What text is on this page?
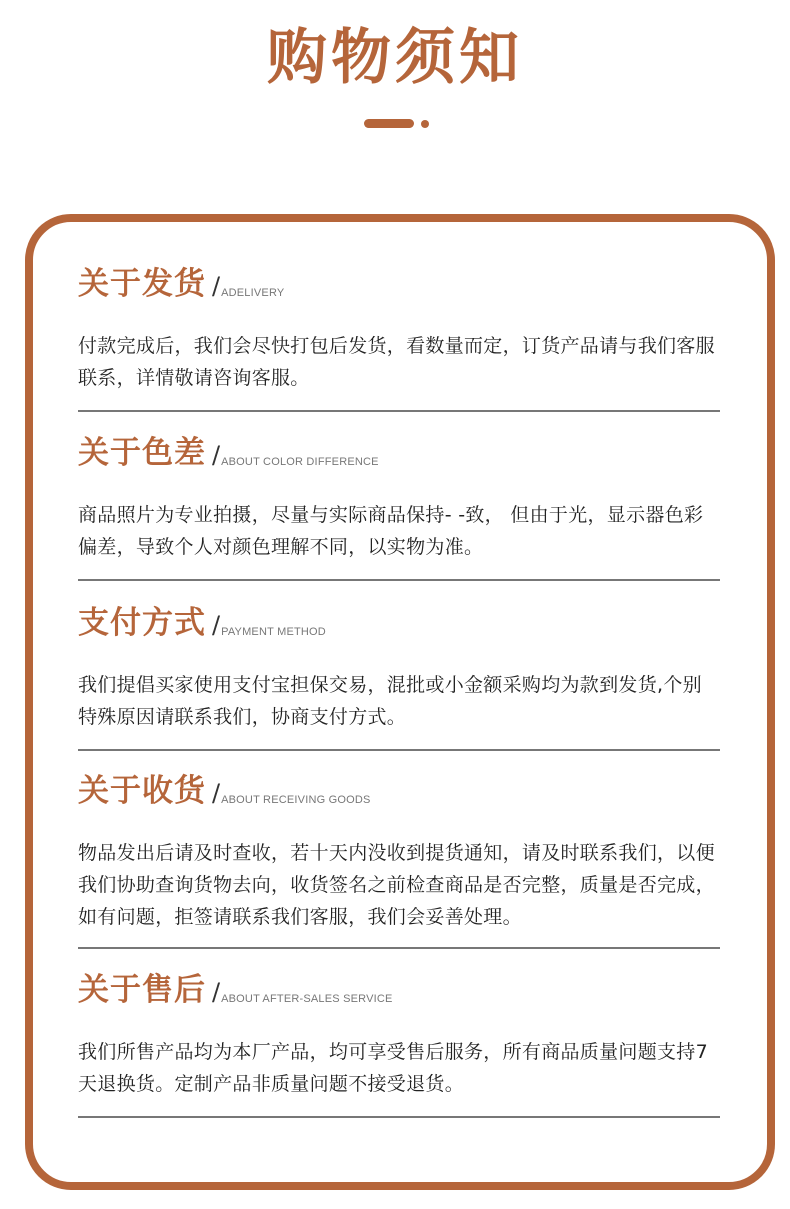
购物须知
关于发货 /ADELIVERY
付款完成后，我们会尽快打包后发货，看数量而定，订货产品请与我们客服联系，详情敬请咨询客服。
关于色差 /ABOUT COLOR DIFFERENCE
商品照片为专业拍摄，尽量与实际商品保持- -致， 但由于光，显示器色彩偏差，导致个人对颜色理解不同，以实物为准。
支付方式 /PAYMENT METHOD
我们提倡买家使用支付宝担保交易，混批或小金额采购均为款到发货,个别特殊原因请联系我们，协商支付方式。
关于收货 /ABOUT RECEIVING GOODS
物品发出后请及时查收，若十天内没收到提货通知，请及时联系我们，以便我们协助查询货物去向，收货签名之前检查商品是否完整，质量是否完成，如有问题，拒签请联系我们客服，我们会妥善处理。
关于售后 /ABOUT AFTER-SALES SERVICE
我们所售产品均为本厂产品，均可享受售后服务，所有商品质量问题支持7天退换货。定制产品非质量问题不接受退货。
